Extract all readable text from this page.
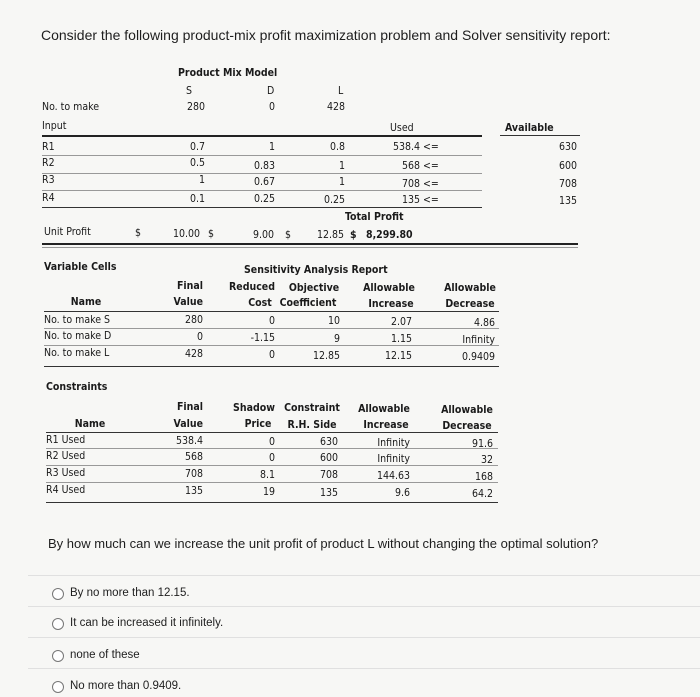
Consider the following product-mix profit maximization problem and Solver sensitivity report:
Product Mix Model
S	D	L
No. to make	280	0	428
Input	Used	Available
R1	0.7	1	0.8	538.4 <=	630
R2	0.5	0.83	1	568 <=	600
R3	1	0.67	1	708 <=	708
R4	0.1	0.25	0.25	135 <=	135
Total Profit
Unit Profit	$	10.00 $	9.00 $	12.85 $ 8,299.80
Variable Cells	Sensitivity Analysis Report
Final	Reduced	Objective	Allowable	Allowable
Name	Value	Cost Coefficient	Increase	Decrease
No. to make S	280	0	10	2.07	4.86
No. to make D	0	-1.15	9	1.15	Infinity
No. to make L	428	0	12.85	12.15	0.9409
Constraints
Final	Shadow Constraint	Allowable	Allowable
Name	Value	Price	R.H. Side	Increase	Decrease
R1 Used	538.4	0	630	Infinity	91.6
R2 Used	568	0	600	Infinity	32
R3 Used	708	8.1	708	144.63	168
R4 Used	135	19	135	9.6	64.2
By how much can we increase the unit profit of product L without changing the optimal solution?
By no more than 12.15.
It can be increased it infinitely.
none of these
No more than 0.9409.
